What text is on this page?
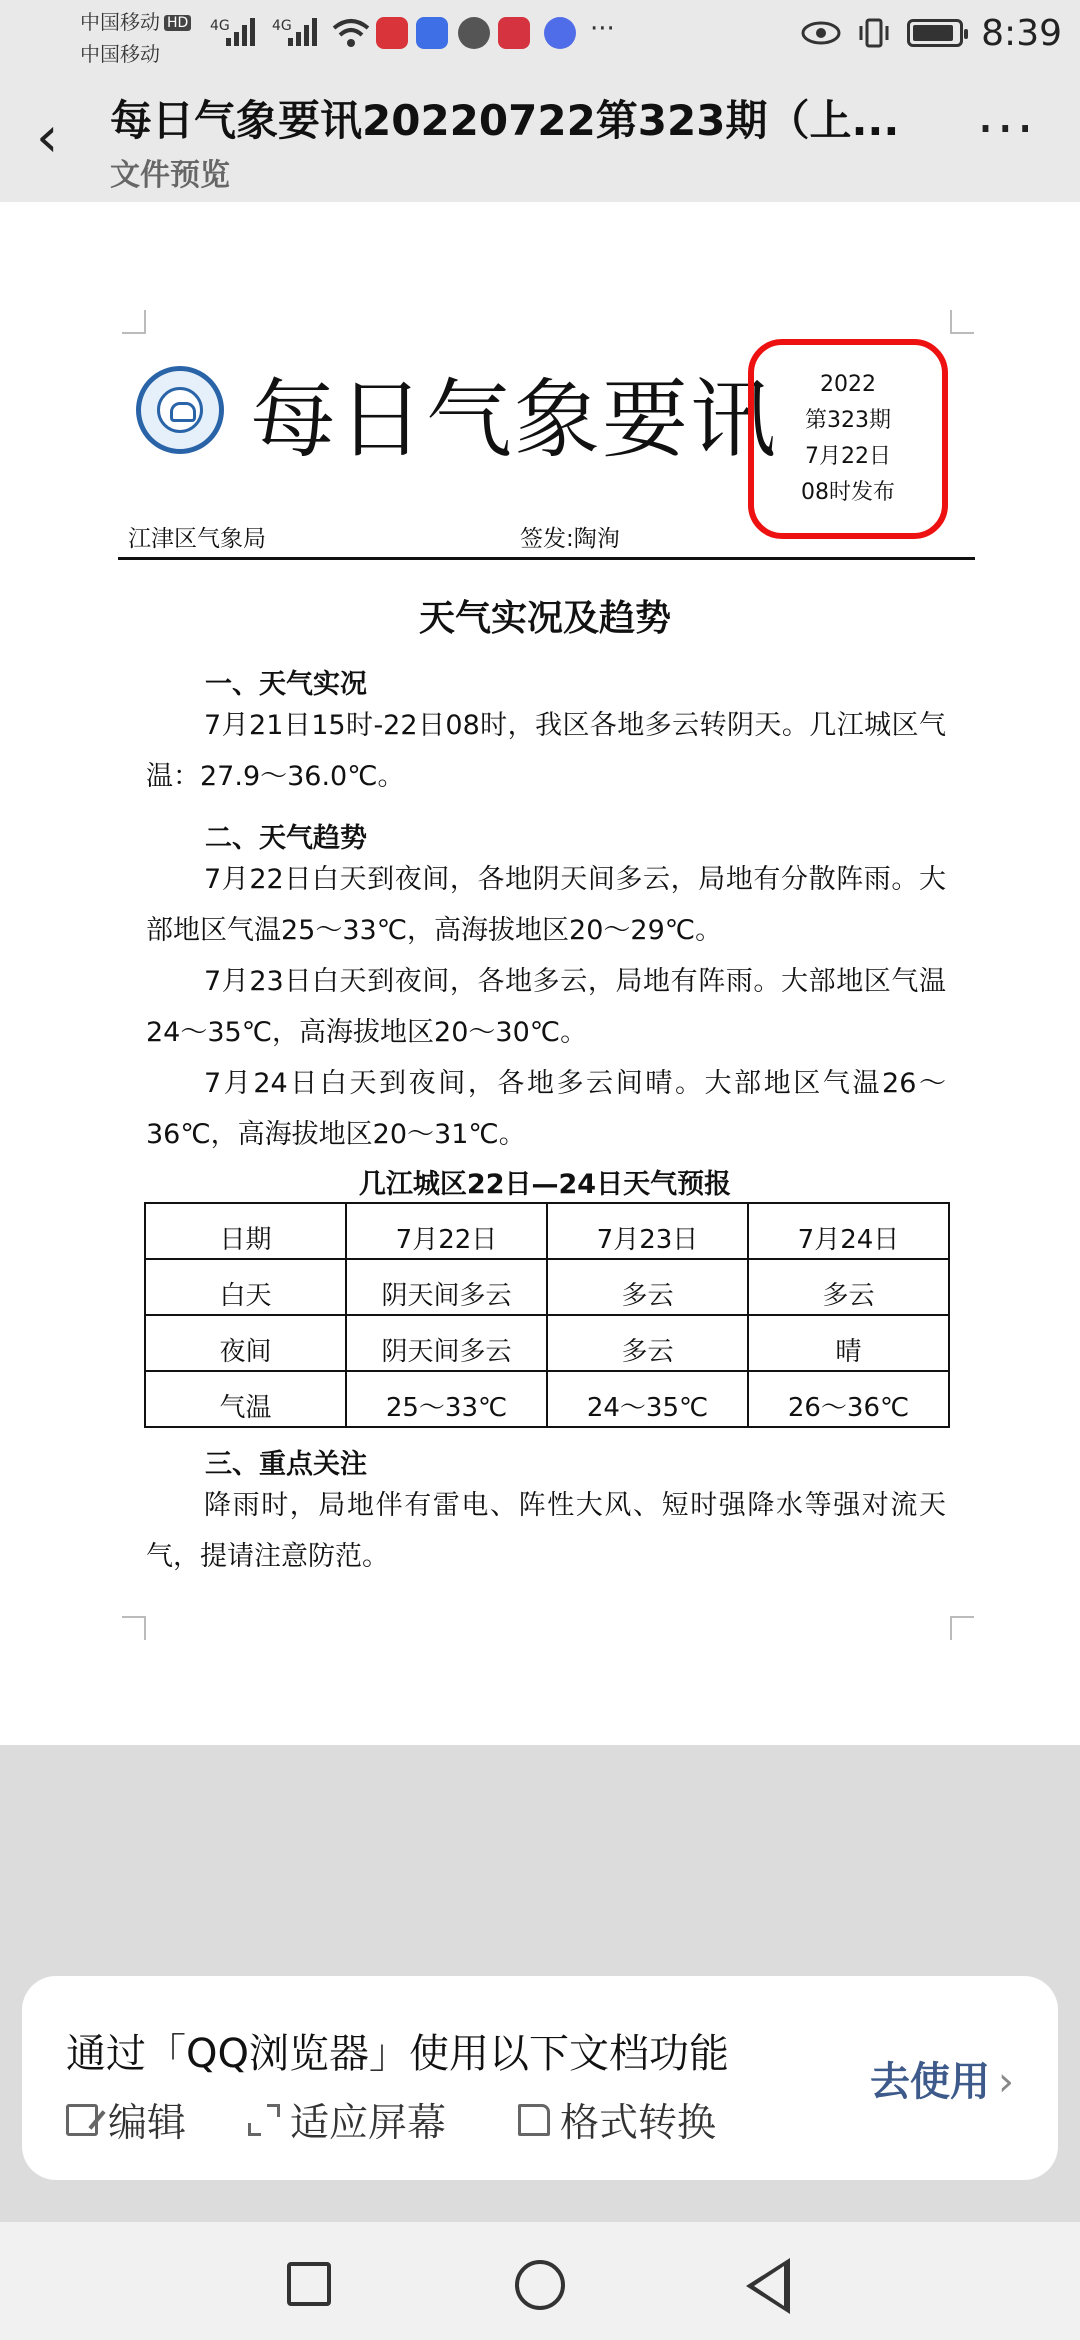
中国移动 HD
中国移动
4G	4G	···	8:39
‹ 每日气象要讯20220722第323期（上...
文件预览
···
每日气象要讯 2022
第323期
7月22日
08时发布
江津区气象局	签发:陶洵
天气实况及趋势
一、天气实况
7月21日15时-22日08时，我区各地多云转阴天。几江城区气温：27.9～36.0℃。
二、天气趋势
7月22日白天到夜间，各地阴天间多云，局地有分散阵雨。大部地区气温25～33℃，高海拔地区20～29℃。
7月23日白天到夜间，各地多云，局地有阵雨。大部地区气温24～35℃，高海拔地区20～30℃。
7月24日白天到夜间，各地多云间晴。大部地区气温26～36℃，高海拔地区20～31℃。
几江城区22日—24日天气预报
日期	7月22日	7月23日	7月24日
白天	阴天间多云	多云	多云
夜间	阴天间多云	多云	晴
气温	25～33℃	24～35℃	26～36℃
三、重点关注
降雨时，局地伴有雷电、阵性大风、短时强降水等强对流天气，提请注意防范。
通过「QQ浏览器」使用以下文档功能
编辑	适应屏幕	格式转换
去使用 ›
